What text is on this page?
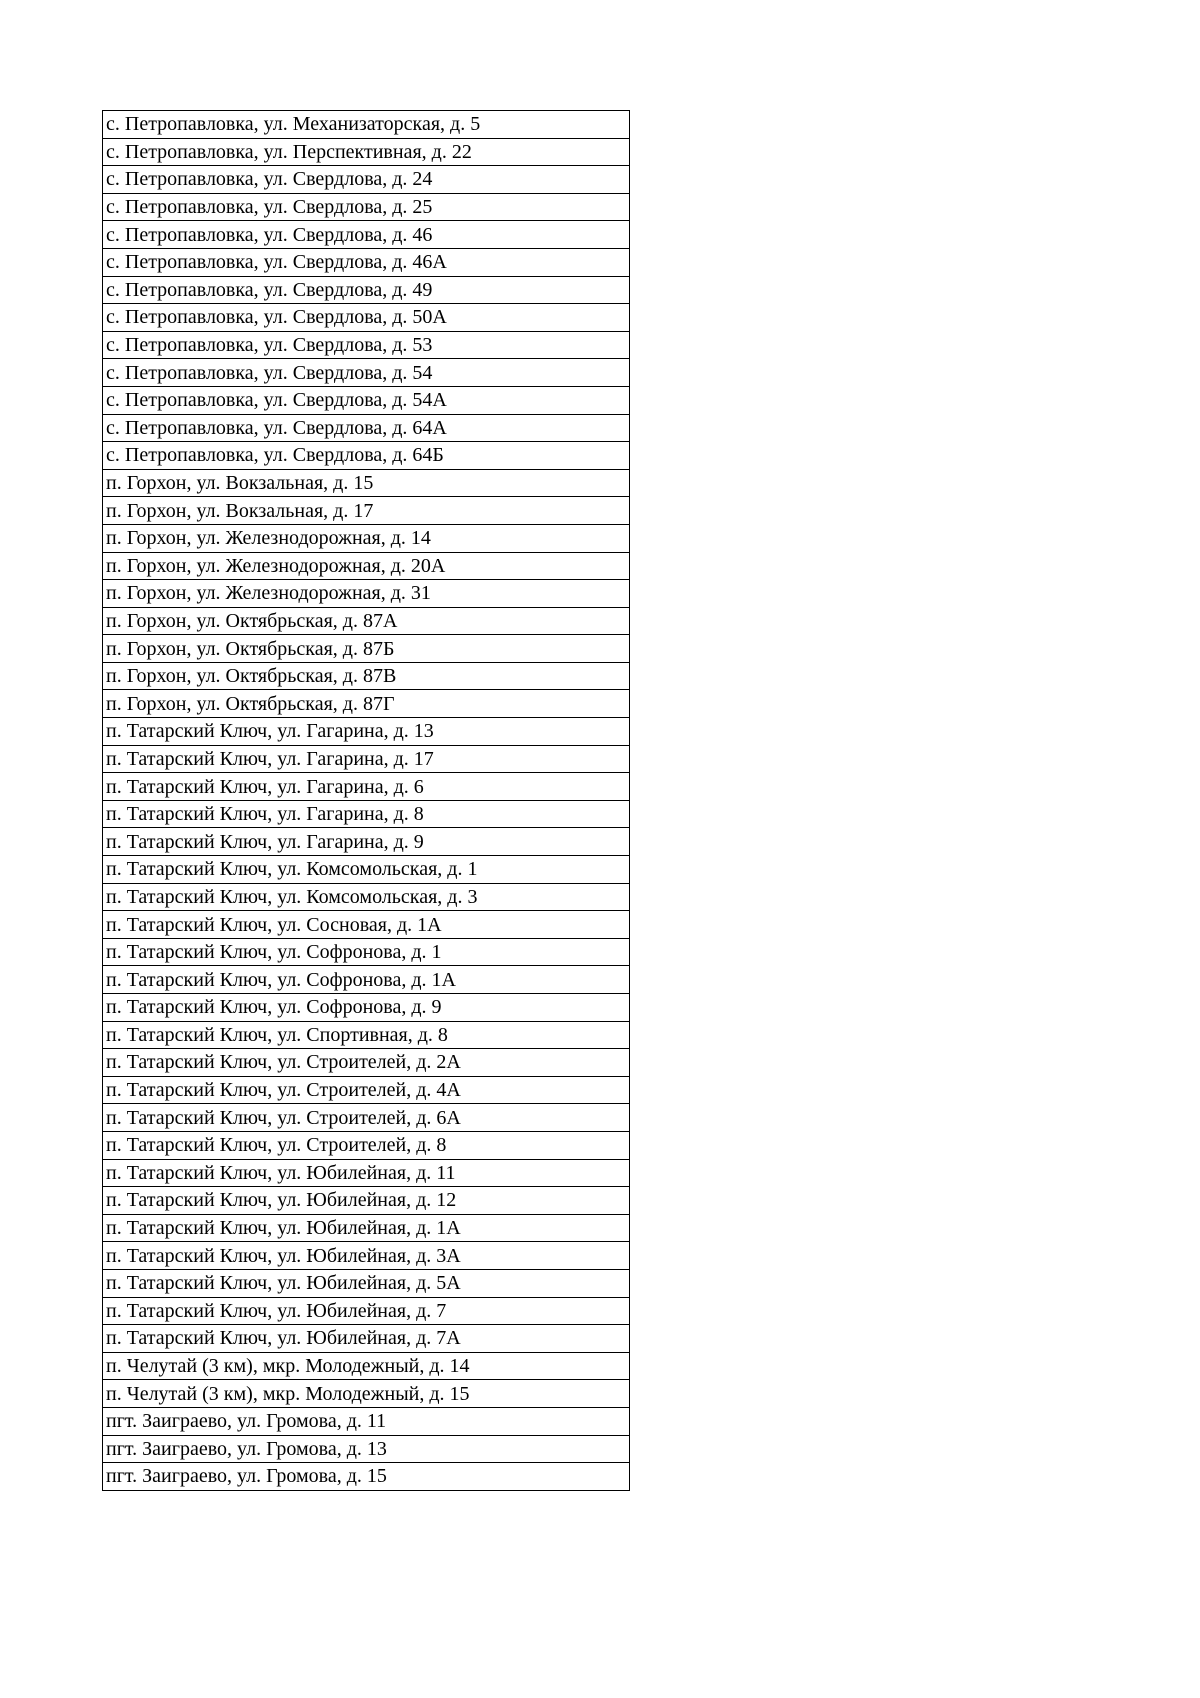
с. Петропавловка, ул. Механизаторская, д. 5
с. Петропавловка, ул. Перспективная, д. 22
с. Петропавловка, ул. Свердлова, д. 24
с. Петропавловка, ул. Свердлова, д. 25
с. Петропавловка, ул. Свердлова, д. 46
с. Петропавловка, ул. Свердлова, д. 46А
с. Петропавловка, ул. Свердлова, д. 49
с. Петропавловка, ул. Свердлова, д. 50А
с. Петропавловка, ул. Свердлова, д. 53
с. Петропавловка, ул. Свердлова, д. 54
с. Петропавловка, ул. Свердлова, д. 54А
с. Петропавловка, ул. Свердлова, д. 64А
с. Петропавловка, ул. Свердлова, д. 64Б
п. Горхон, ул. Вокзальная, д. 15
п. Горхон, ул. Вокзальная, д. 17
п. Горхон, ул. Железнодорожная, д. 14
п. Горхон, ул. Железнодорожная, д. 20А
п. Горхон, ул. Железнодорожная, д. 31
п. Горхон, ул. Октябрьская, д. 87А
п. Горхон, ул. Октябрьская, д. 87Б
п. Горхон, ул. Октябрьская, д. 87В
п. Горхон, ул. Октябрьская, д. 87Г
п. Татарский Ключ, ул. Гагарина, д. 13
п. Татарский Ключ, ул. Гагарина, д. 17
п. Татарский Ключ, ул. Гагарина, д. 6
п. Татарский Ключ, ул. Гагарина, д. 8
п. Татарский Ключ, ул. Гагарина, д. 9
п. Татарский Ключ, ул. Комсомольская, д. 1
п. Татарский Ключ, ул. Комсомольская, д. 3
п. Татарский Ключ, ул. Сосновая, д. 1А
п. Татарский Ключ, ул. Софронова, д. 1
п. Татарский Ключ, ул. Софронова, д. 1А
п. Татарский Ключ, ул. Софронова, д. 9
п. Татарский Ключ, ул. Спортивная, д. 8
п. Татарский Ключ, ул. Строителей, д. 2А
п. Татарский Ключ, ул. Строителей, д. 4А
п. Татарский Ключ, ул. Строителей, д. 6А
п. Татарский Ключ, ул. Строителей, д. 8
п. Татарский Ключ, ул. Юбилейная, д. 11
п. Татарский Ключ, ул. Юбилейная, д. 12
п. Татарский Ключ, ул. Юбилейная, д. 1А
п. Татарский Ключ, ул. Юбилейная, д. 3А
п. Татарский Ключ, ул. Юбилейная, д. 5А
п. Татарский Ключ, ул. Юбилейная, д. 7
п. Татарский Ключ, ул. Юбилейная, д. 7А
п. Челутай (3 км), мкр. Молодежный, д. 14
п. Челутай (3 км), мкр. Молодежный, д. 15
пгт. Заиграево, ул. Громова, д. 11
пгт. Заиграево, ул. Громова, д. 13
пгт. Заиграево, ул. Громова, д. 15
